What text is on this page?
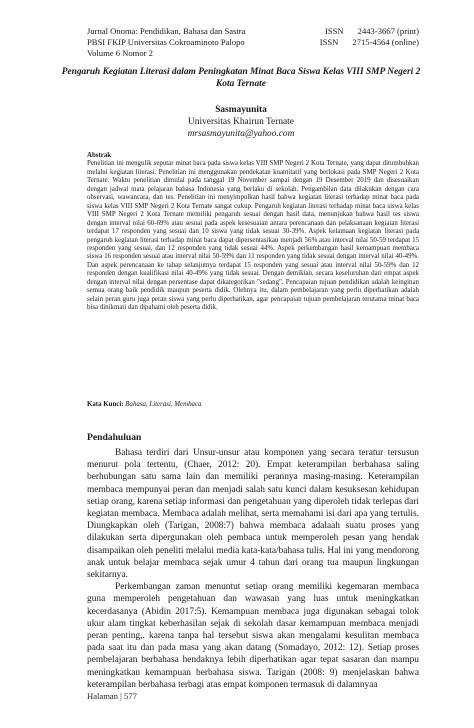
Jurnal Onoma: Pendidikan, Bahasa dan Sastra	ISSN 2443-3667 (print)
PBSI FKIP Universitas Cokroaminoto Palopo	ISSN 2715-4564 (online)
Volume 6 Nomor 2
Pengaruh Kegiatan Literasi dalam Peningkatan Minat Baca Siswa Kelas VIII SMP Negeri 2 Kota Ternate
Sasmayunita
Universitas Khairun Ternate
mrsasmayunita@yahoo.com
Abstrak
Penelitian ini mengulik seputar minat baca pada siswa kelas VIII SMP Negeri 2 Kota Ternate, yang dapat ditumbuhkan melalui kegiatan literasi. Penelitian ini menggunakan pendekatan kuantitatif yang berlokasi pada SMP Negeri 2 Kota Ternate. Waktu penelitian dimulai pada tanggal 19 November sampai dengan 19 Desember 2019 dan disesuaikan dengan jadwal mata pelajaran bahasa Indonesia yang berlaku di sekolah. Pengambilan data dilakukan dengan cara observasi, wawancara, dan tes. Penelitian ini menyimpulkan hasil bahwa kegiatan literasi terhadap minat baca pada siswa kelas VIII SMP Negeri 2 Kota Ternate sangat cukup. Pengaruh kegiatan literasi terhadap minat baca siswa kelas VIII SMP Negeri 2 Kota Ternate memiliki pengaruh sesuai dengan hasil data, menunjukan bahwa hasil tes siswa dengan interval nilai 60-69% atau sesuai pada aspek kesesuaian antara perencanaan dan pelaksanaan kegiatan literasi terdapat 17 responden yang sesuai dan 10 siswa yang tidak sesuai 30-39%. Aspek kelamaan kegiatan literasi pada pengaruh kegiatan literasi terhadap minat baca dapat dipersentasikan menjadi 56% atau interval nilai 50-59 terdapat 15 responden yang sesuai, dan 12 responden yang tidak sesuai 44%. Aspek perkembangan hasil kemampuan membaca siswa 16 responden sesuai atau interval nilai 50-59% dan 11 responden yang tidak sesuai dengan interval nilai 40-49%. Dan aspek perencanaan ke tahap selanjutnya terdapat 15 responden yang sesuai atau interval nilai 50-59% dan 12 responden dengan kualifikasi nilai 40-49% yang tidak sesuai. Dengan demikian, secara keseluruhan dari empat aspek dengan interval nilai dengan persentase dapat dikategorikan "sedang". Pencapaian tujuan pendidikan adalah keinginan semua orang baik pendidik maupun peserta didik. Olehnya itu, dalam pembelajaran yang perlu diperhatikan adalah selain peran guru juga peran siswa yang perlu diperhatikan, agar pencapaian tujuan pembelajaran terutama minat baca bisa dinikmati dan dipahami oleh peserta didik.
Kata Kunci: Bahasa, Literasi, Membaca
Pendahuluan

Bahasa terdiri dari Unsur-unsur atau komponen yang secara teratur tersusun menurut pola tertentu, (Chaer, 2012: 20). Empat keterampilan berbahasa saling berhubungan satu sama lain dan memiliki perannya masing-masing. Keterampilan membaca mempunyai peran dan menjadi salah satu kunci dalam kesuksesan kehidupan setiap orang, karena setiap informasi dan pengetahuan yang diperoleh tidak terlepas dari kegiatan membaca. Membaca adalah melihat, serta memahami isi dari apa yang tertulis. Diungkapkan oleh (Tarigan, 2008:7) bahwa membaca adalaah suatu proses yang dilakukan serta dipergunakan oleh pembaca untuk memperoleh pesan yang hendak disampaikan oleh peneliti melalui media kata-kata/bahasa tulis. Hal ini yang mendorong anak untuk belajar membaca sejak umur 4 tahun dari orang tua maupun lingkungan sekitarnya.

Perkembangan zaman menuntut setiap orang memiliki kegemaran membaca guna memperoleh pengetahuan dan wawasan yang luas untuk meningkatkan kecerdasanya (Abidin 2017:5). Kemampuan membaca juga digunakan sebagai tolok ukur alam tingkat keberhasilan sejak di sekolah dasar kemampuan membaca menjadi peran penting,. karena tanpa hal tersebut siswa akan mengalami kesulitan membaca pada saat itu dan pada masa yang akan datang (Somadayo, 2012: 12). Setiap proses pembelajaran berbahasa hendaknya lebih diperhatikan agar tepat sasaran dan mampu meningkatkan kemampuan berbahasa siswa. Tarigan (2008: 9) menjelaskan bahwa keterampilan berbahasa terbagi atas empat komponen termasuk di dalamnyaa

Halaman | 577
